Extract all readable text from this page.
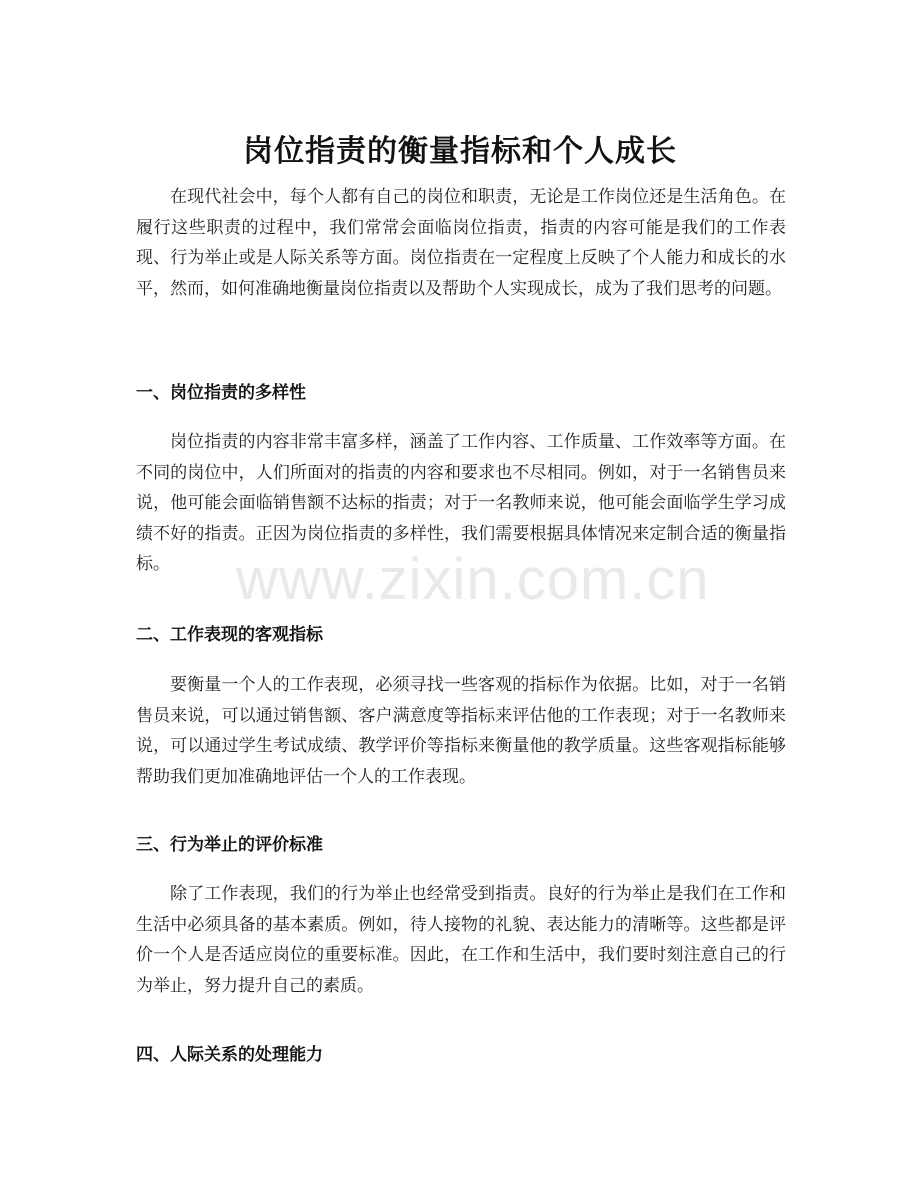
岗位指责的衡量指标和个人成长

在现代社会中，每个人都有自己的岗位和职责，无论是工作岗位还是生活角色。在履行这些职责的过程中，我们常常会面临岗位指责，指责的内容可能是我们的工作表现、行为举止或是人际关系等方面。岗位指责在一定程度上反映了个人能力和成长的水平，然而，如何准确地衡量岗位指责以及帮助个人实现成长，成为了我们思考的问题。

一、岗位指责的多样性

岗位指责的内容非常丰富多样，涵盖了工作内容、工作质量、工作效率等方面。在不同的岗位中，人们所面对的指责的内容和要求也不尽相同。例如，对于一名销售员来说，他可能会面临销售额不达标的指责；对于一名教师来说，他可能会面临学生学习成绩不好的指责。正因为岗位指责的多样性，我们需要根据具体情况来定制合适的衡量指标。

二、工作表现的客观指标

要衡量一个人的工作表现，必须寻找一些客观的指标作为依据。比如，对于一名销售员来说，可以通过销售额、客户满意度等指标来评估他的工作表现；对于一名教师来说，可以通过学生考试成绩、教学评价等指标来衡量他的教学质量。这些客观指标能够帮助我们更加准确地评估一个人的工作表现。

三、行为举止的评价标准

除了工作表现，我们的行为举止也经常受到指责。良好的行为举止是我们在工作和生活中必须具备的基本素质。例如，待人接物的礼貌、表达能力的清晰等。这些都是评价一个人是否适应岗位的重要标准。因此，在工作和生活中，我们要时刻注意自己的行为举止，努力提升自己的素质。

四、人际关系的处理能力
www.zixin.com.cn
